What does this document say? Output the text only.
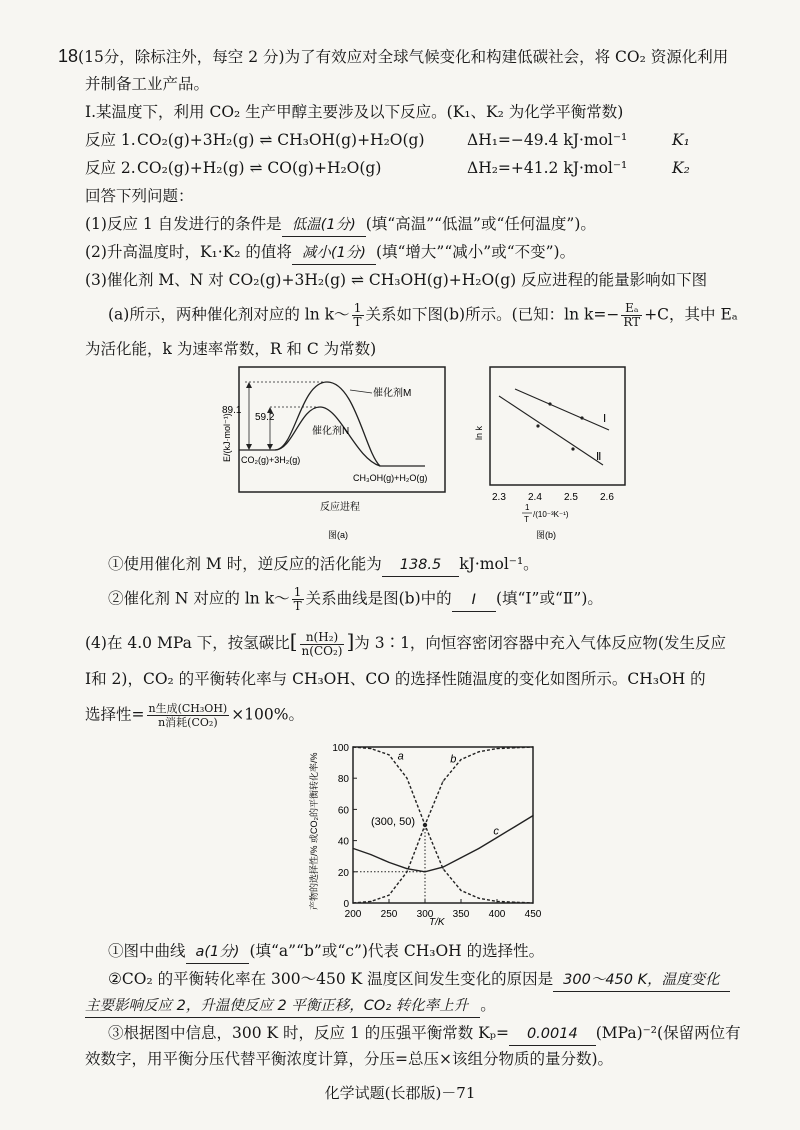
18(15分，除标注外，每空 2 分)为了有效应对全球气候变化和构建低碳社会，将 CO₂ 资源化利用
并制备工业产品。
Ⅰ.某温度下，利用 CO₂ 生产甲醇主要涉及以下反应。(K₁、K₂ 为化学平衡常数)
反应 1.CO₂(g)+3H₂(g) ⇌ CH₃OH(g)+H₂O(g)	ΔH₁=−49.4 kJ·mol⁻¹	K₁
反应 2.CO₂(g)+H₂(g) ⇌ CO(g)+H₂O(g)	ΔH₂=+41.2 kJ·mol⁻¹	K₂
回答下列问题：
(1)反应 1 自发进行的条件是 低温(1分) (填“高温”“低温”或“任何温度”)。
(2)升高温度时，K₁·K₂ 的值将 减小(1分) (填“增大”“减小”或“不变”)。
(3)催化剂 M、N 对 CO₂(g)+3H₂(g) ⇌ CH₃OH(g)+H₂O(g) 反应进程的能量影响如下图
(a)所示，两种催化剂对应的 ln k～ $\frac{1}{T}$ 关系如下图(b)所示。(已知：$\ln k=- \frac{\text{Eₐ}}{RT} +C$，其中 Eₐ
为活化能，k 为速率常数，R 和 C 为常数)
89.1
59.2
催化剂M
催化剂N
CO₂(g)+3H₂(g)
CH₃OH(g)+H₂O(g)
E/(kJ·mol⁻¹)
反应进程
图(a)
Ⅰ
Ⅱ
ln k
2.3 2.4 2.5 2.6
1
T
/(10⁻³K⁻¹)
图(b)
①使用催化剂 M 时，逆反应的活化能为 138.5 kJ·mol⁻¹。
②催化剂 N 对应的 ln k～ $\frac{1}{T}$ 关系曲线是图(b)中的 Ⅰ (填“Ⅰ”或“Ⅱ”)。
(4)在 4.0 MPa 下，按氢碳比[ $\frac{\text{n(H₂)}}{\text{n(CO₂)}}$ ]为 3∶1，向恒容密闭容器中充入气体反应物(发生反应
Ⅰ和 2)，CO₂ 的平衡转化率与 CH₃OH、CO 的选择性随温度的变化如图所示。CH₃OH 的
选择性= $\frac{\text{n生成(CH₃OH)}}{\text{n消耗(CO₂)}} \times 100\%$。
产物的选择性/% 或CO₂的平衡转化率/%
200 250 300 350 400 450
0
20
40
60
80
100
a	b
c
(300, 50)
T/K
①图中曲线 a(1分) (填“a”“b”或“c”)代表 CH₃OH 的选择性。
②CO₂ 的平衡转化率在 300～450 K 温度区间发生变化的原因是 300～450 K，温度变化
主要影响反应 2，升温使反应 2 平衡正移，CO₂ 转化率上升 。
③根据图中信息，300 K 时，反应 1 的压强平衡常数 Kₚ= 0.0014 (MPa)⁻²(保留两位有
效数字，用平衡分压代替平衡浓度计算，分压=总压×该组分物质的量分数)。
化学试题(长郡版)－71
